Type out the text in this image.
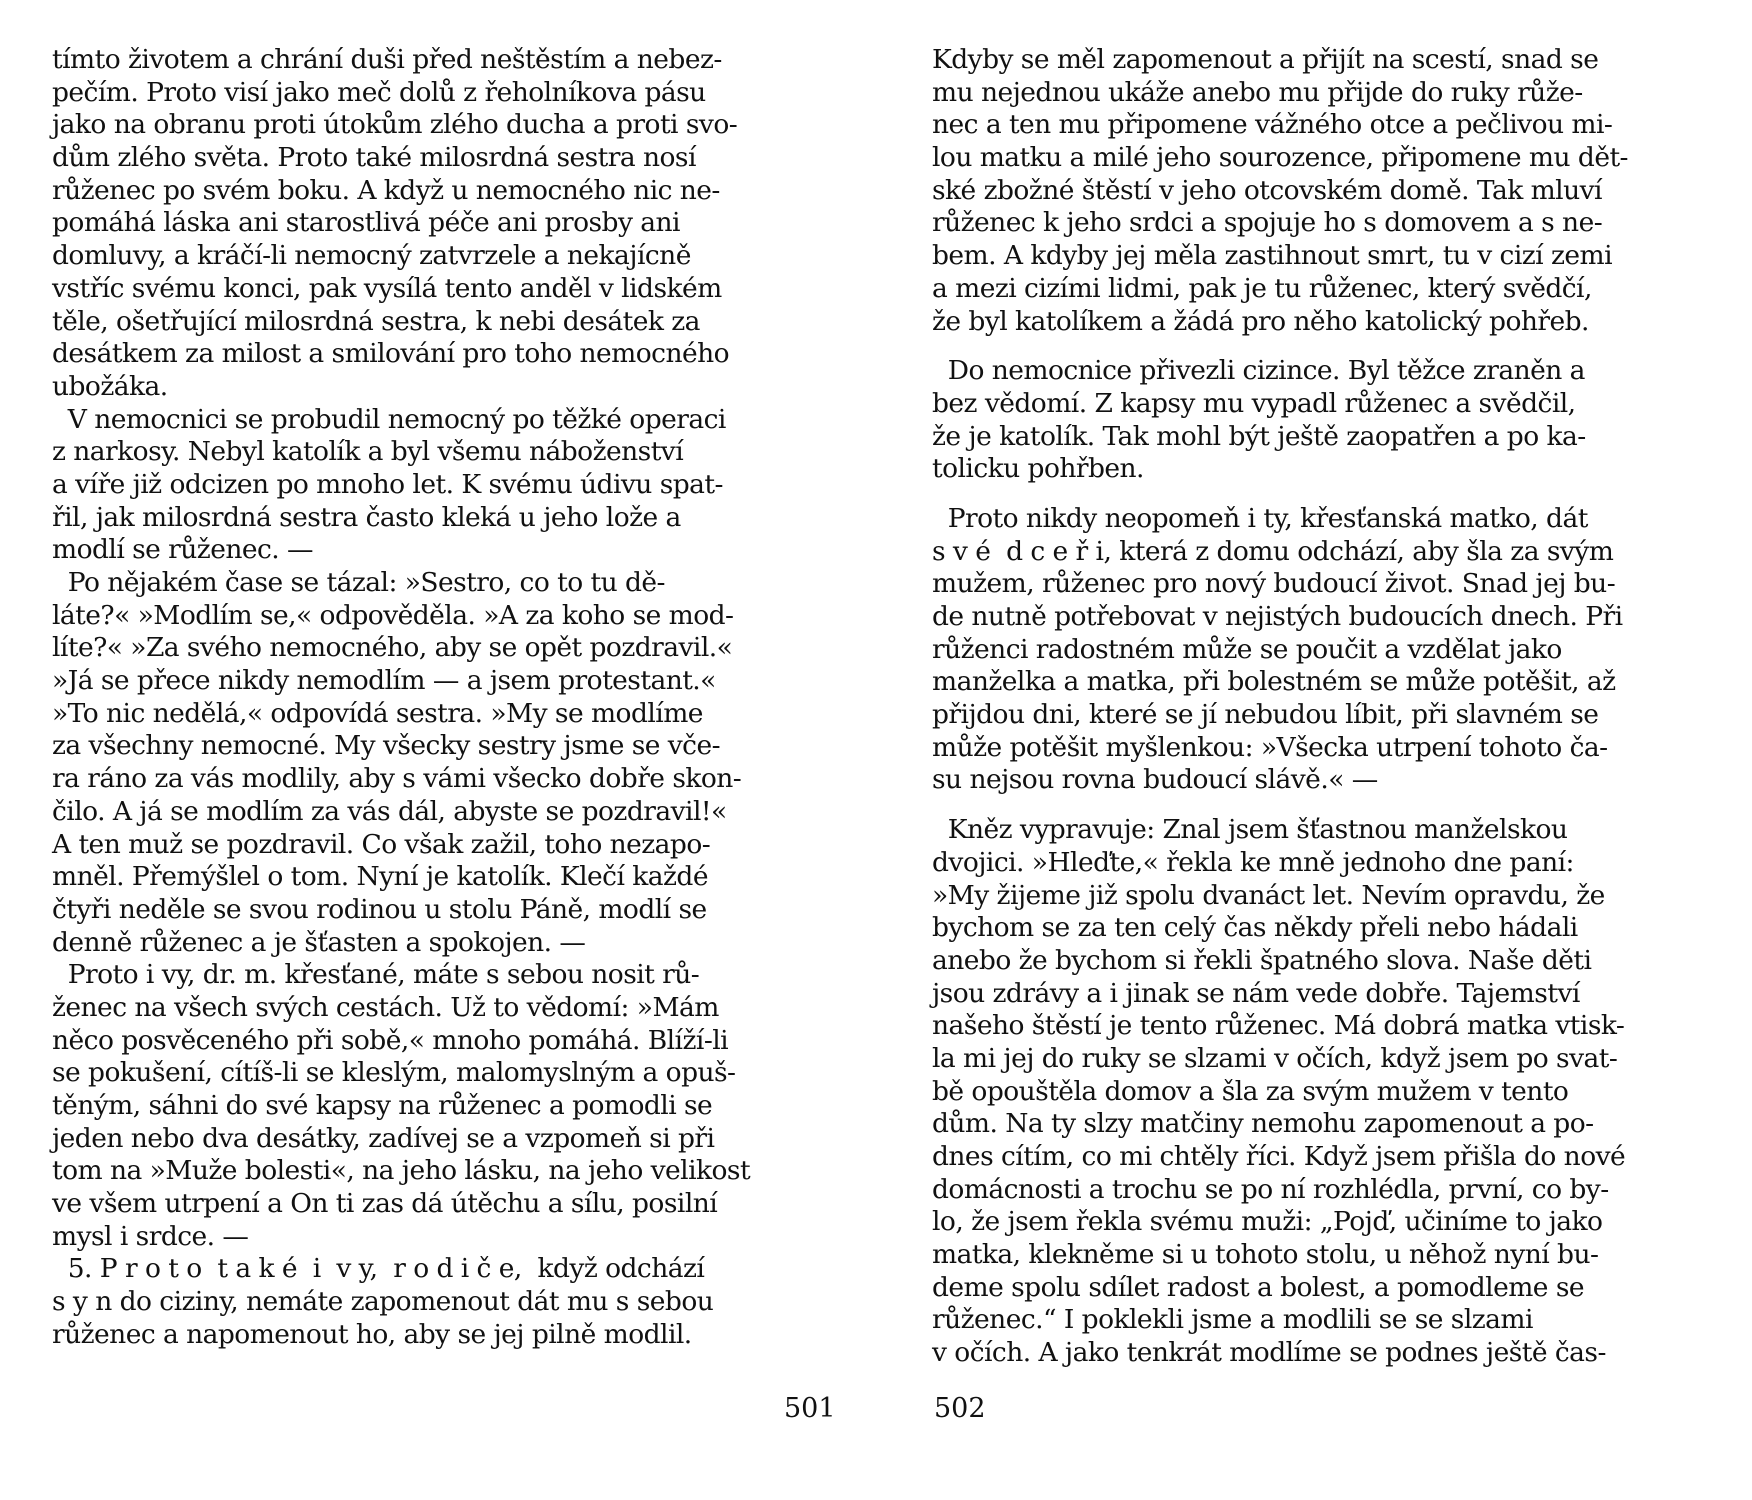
tímto životem a chrání duši před neštěstím a nebez-
pečím. Proto visí jako meč dolů z řeholníkova pásu
jako na obranu proti útokům zlého ducha a proti svo-
dům zlého světa. Proto také milosrdná sestra nosí
růženec po svém boku. A když u nemocného nic ne-
pomáhá láska ani starostlivá péče ani prosby ani
domluvy, a kráčí-li nemocný zatvrzele a nekajícně
vstříc svému konci, pak vysílá tento anděl v lidském
těle, ošetřující milosrdná sestra, k nebi desátek za
desátkem za milost a smilování pro toho nemocného
ubožáka.
V nemocnici se probudil nemocný po těžké operaci
z narkosy. Nebyl katolík a byl všemu náboženství
a víře již odcizen po mnoho let. K svému údivu spat-
řil, jak milosrdná sestra často kleká u jeho lože a
modlí se růženec. —
Po nějakém čase se tázal: »Sestro, co to tu dě-
láte?« »Modlím se,« odpověděla. »A za koho se mod-
líte?« »Za svého nemocného, aby se opět pozdravil.«
»Já se přece nikdy nemodlím — a jsem protestant.«
»To nic nedělá,« odpovídá sestra. »My se modlíme
za všechny nemocné. My všecky sestry jsme se vče-
ra ráno za vás modlily, aby s vámi všecko dobře skon-
čilo. A já se modlím za vás dál, abyste se pozdravil!«
A ten muž se pozdravil. Co však zažil, toho nezapo-
mněl. Přemýšlel o tom. Nyní je katolík. Klečí každé
čtyři neděle se svou rodinou u stolu Páně, modlí se
denně růženec a je šťasten a spokojen. —
Proto i vy, dr. m. křesťané, máte s sebou nosit rů-
ženec na všech svých cestách. Už to vědomí: »Mám
něco posvěceného při sobě,« mnoho pomáhá. Blíží-li
se pokušení, cítíš-li se kleslým, malomyslným a opuš-
těným, sáhni do své kapsy na růženec a pomodli se
jeden nebo dva desátky, zadívej se a vzpomeň si při
tom na »Muže bolesti«, na jeho lásku, na jeho velikost
ve všem utrpení a On ti zas dá útěchu a sílu, posilní
mysl i srdce. —
5. P r o t o  t a k é  i  v y,  r o d i č e,  když odchází
s y n do ciziny, nemáte zapomenout dát mu s sebou
růženec a napomenout ho, aby se jej pilně modlil.
Kdyby se měl zapomenout a přijít na scestí, snad se
mu nejednou ukáže anebo mu přijde do ruky růže-
nec a ten mu připomene vážného otce a pečlivou mi-
lou matku a milé jeho sourozence, připomene mu dět-
ské zbožné štěstí v jeho otcovském domě. Tak mluví
růženec k jeho srdci a spojuje ho s domovem a s ne-
bem. A kdyby jej měla zastihnout smrt, tu v cizí zemi
a mezi cizími lidmi, pak je tu růženec, který svědčí,
že byl katolíkem a žádá pro něho katolický pohřeb.
Do nemocnice přivezli cizince. Byl těžce zraněn a
bez vědomí. Z kapsy mu vypadl růženec a svědčil,
že je katolík. Tak mohl být ještě zaopatřen a po ka-
tolicku pohřben.
Proto nikdy neopomeň i ty, křesťanská matko, dát
s v é  d c e ř i, která z domu odchází, aby šla za svým
mužem, růženec pro nový budoucí život. Snad jej bu-
de nutně potřebovat v nejistých budoucích dnech. Při
růženci radostném může se poučit a vzdělat jako
manželka a matka, při bolestném se může potěšit, až
přijdou dni, které se jí nebudou líbit, při slavném se
může potěšit myšlenkou: »Všecka utrpení tohoto ča-
su nejsou rovna budoucí slávě.« —
Kněz vypravuje: Znal jsem šťastnou manželskou
dvojici. »Hleďte,« řekla ke mně jednoho dne paní:
»My žijeme již spolu dvanáct let. Nevím opravdu, že
bychom se za ten celý čas někdy přeli nebo hádali
anebo že bychom si řekli špatného slova. Naše děti
jsou zdrávy a i jinak se nám vede dobře. Tajemství
našeho štěstí je tento růženec. Má dobrá matka vtisk-
la mi jej do ruky se slzami v očích, když jsem po svat-
bě opouštěla domov a šla za svým mužem v tento
dům. Na ty slzy matčiny nemohu zapomenout a po-
dnes cítím, co mi chtěly říci. Když jsem přišla do nové
domácnosti a trochu se po ní rozhlédla, první, co by-
lo, že jsem řekla svému muži: „Pojď, učiníme to jako
matka, klekněme si u tohoto stolu, u něhož nyní bu-
deme spolu sdílet radost a bolest, a pomodleme se
růženec.“ I poklekli jsme a modlili se se slzami
v očích. A jako tenkrát modlíme se podnes ještě čas-
501	502
